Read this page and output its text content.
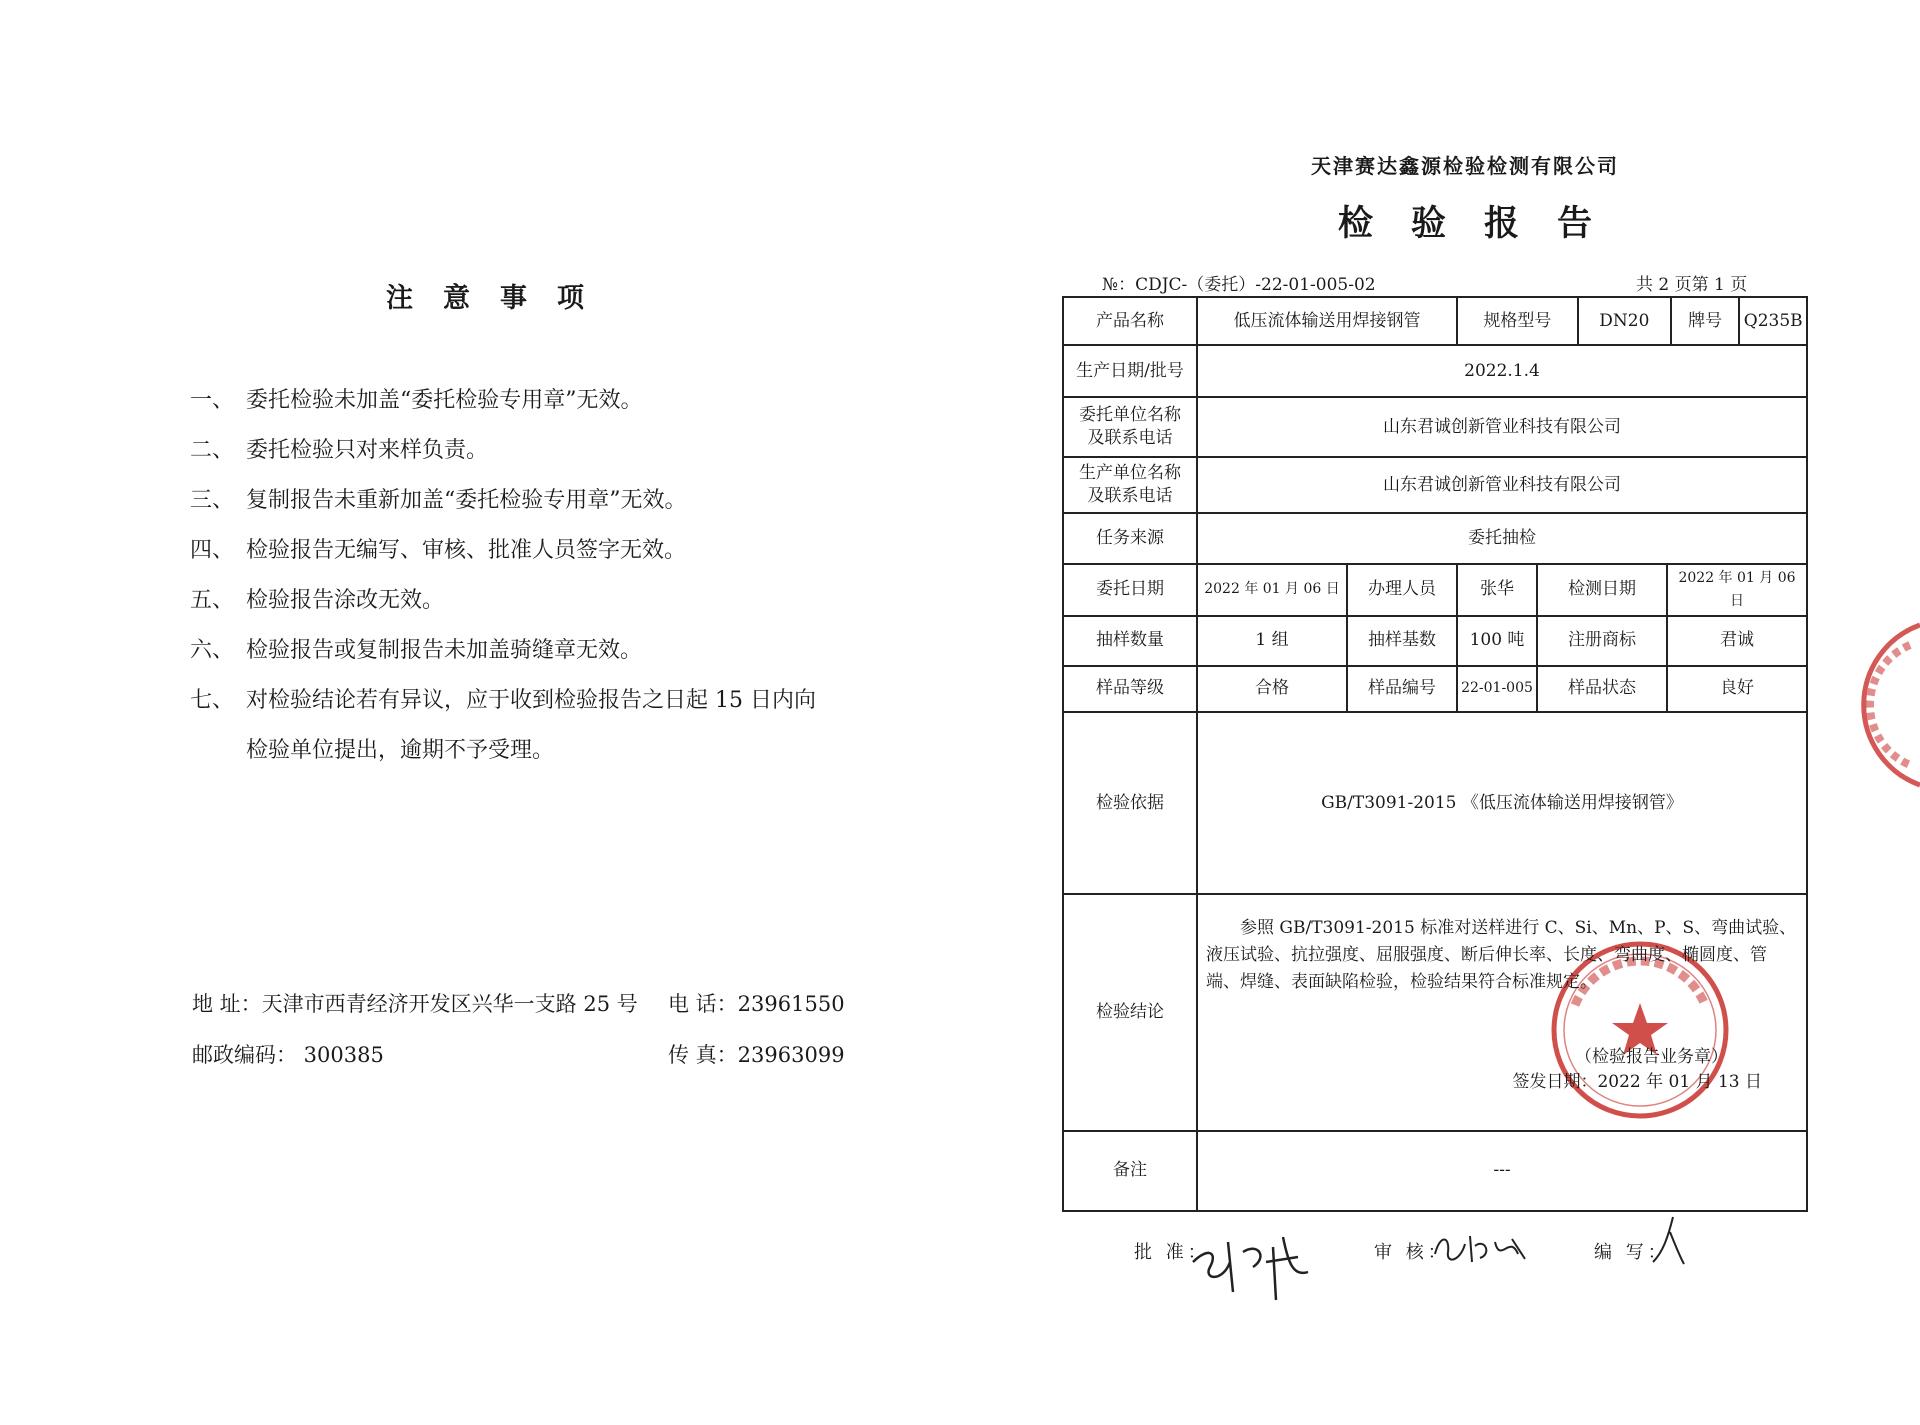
注意事项
一、 委托检验未加盖“委托检验专用章”无效。
二、 委托检验只对来样负责。
三、 复制报告未重新加盖“委托检验专用章”无效。
四、 检验报告无编写、审核、批准人员签字无效。
五、 检验报告涂改无效。
六、 检验报告或复制报告未加盖骑缝章无效。
七、 对检验结论若有异议，应于收到检验报告之日起 15 日内向
检验单位提出，逾期不予受理。
地 址：天津市西青经济开发区兴华一支路 25 号 电 话：23961550
邮政编码： 300385	传 真：23963099
天津赛达鑫源检验检测有限公司
检验报告
№：CDJC-（委托）-22-01-005-02	共 2 页第 1 页
产品名称	低压流体输送用焊接钢管		规格型号	DN20	牌号	Q235B

生产日期/批号	2022.1.4
委托单位名称
及联系电话	山东君诚创新管业科技有限公司
生产单位名称
及联系电话	山东君诚创新管业科技有限公司
任务来源	委托抽检
委托日期	2022 年 01 月 06 日	办理人员	张华	检测日期	2022 年 01 月 06 日
抽样数量	1 组	抽样基数	100 吨	注册商标	君诚
样品等级	合格	样品编号	22-01-005	样品状态	良好
检验依据	GB/T3091-2015 《低压流体输送用焊接钢管》
检验结论	
参照 GB/T3091-2015 标准对送样进行 C、Si、Mn、P、S、弯曲试验、液压试验、抗拉强度、屈服强度、断后伸长率、长度、弯曲度、椭圆度、管端、焊缝、表面缺陷检验，检验结果符合标准规定。
（检验报告业务章）
签发日期：2022 年 01 月 13 日

备注	---
批 准：	审 核：	编 写：
